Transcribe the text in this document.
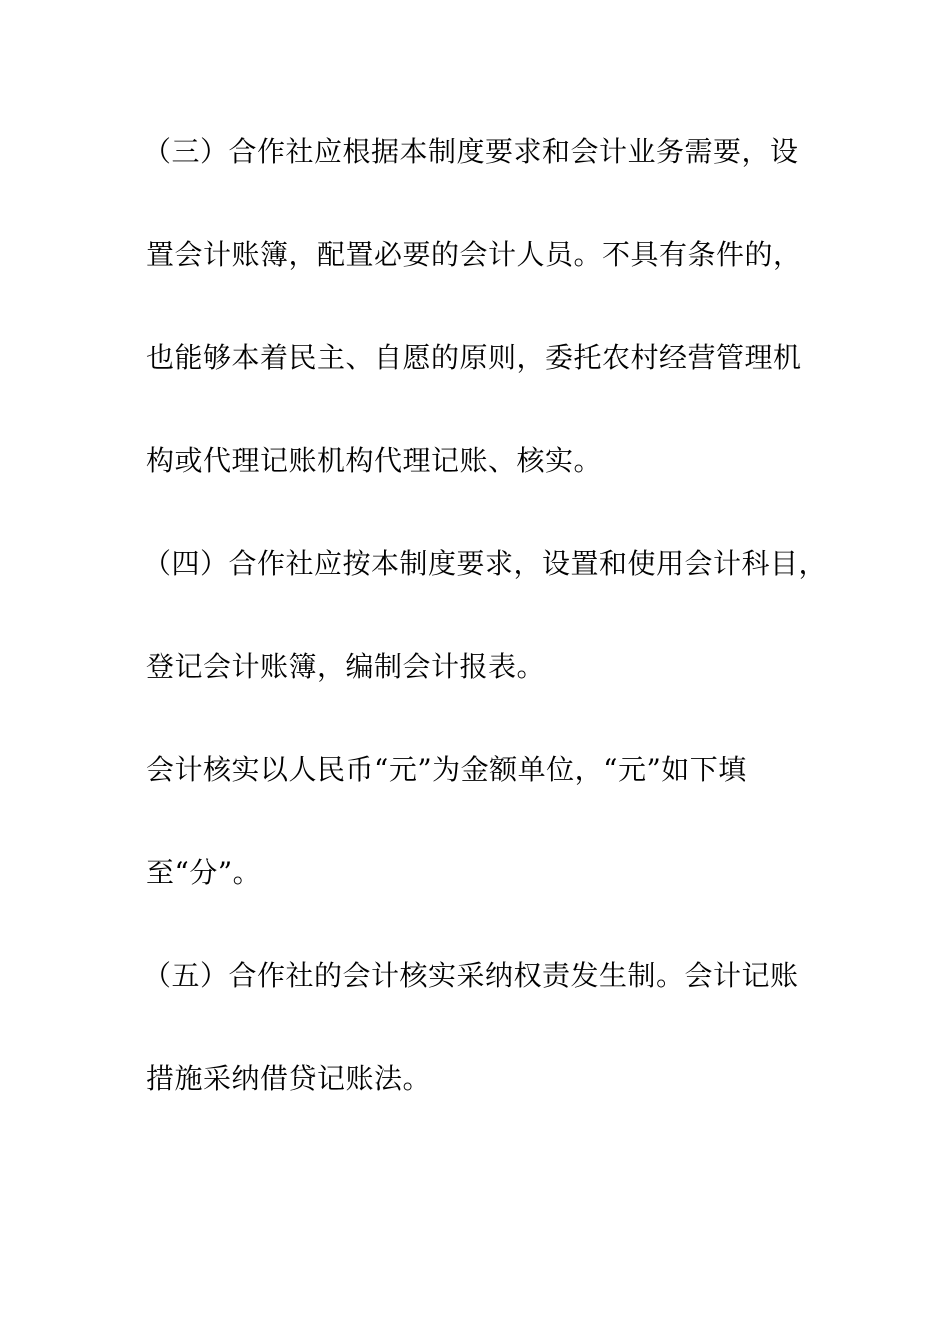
（三）合作社应根据本制度要求和会计业务需要，设

置会计账簿，配置必要的会计人员。不具有条件的，

也能够本着民主、自愿的原则，委托农村经营管理机

构或代理记账机构代理记账、核实。

（四）合作社应按本制度要求，设置和使用会计科目，

登记会计账簿，编制会计报表。

会计核实以人民币“元”为金额单位，“元”如下填

至“分”。

（五）合作社的会计核实采纳权责发生制。会计记账

措施采纳借贷记账法。
